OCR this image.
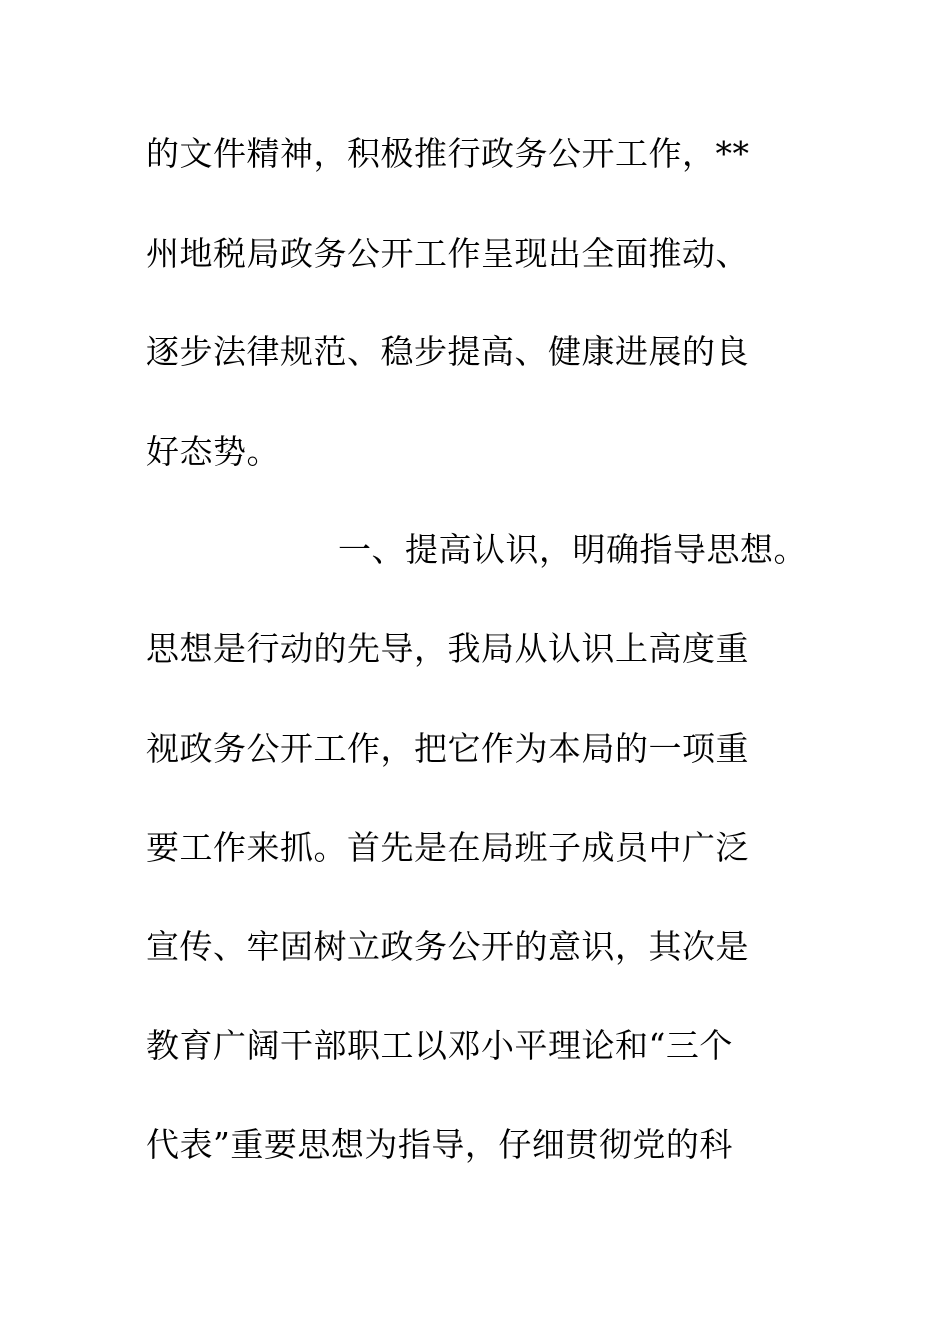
的文件精神，积极推行政务公开工作，**
州地税局政务公开工作呈现出全面推动、
逐步法律规范、稳步提高、健康进展的良
好态势。
一、提高认识，明确指导思想。
思想是行动的先导，我局从认识上高度重
视政务公开工作，把它作为本局的一项重
要工作来抓。首先是在局班子成员中广泛
宣传、牢固树立政务公开的意识，其次是
教育广阔干部职工以邓小平理论和“三个
代表”重要思想为指导，仔细贯彻党的科
